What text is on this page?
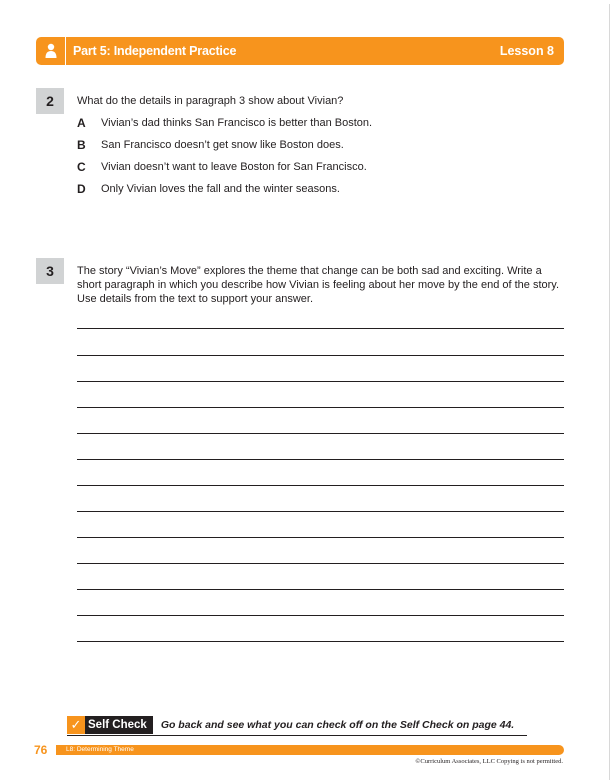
Part 5: Independent Practice	Lesson 8
2	What do the details in paragraph 3 show about Vivian?
A	Vivian’s dad thinks San Francisco is better than Boston.
B	San Francisco doesn’t get snow like Boston does.
C	Vivian doesn’t want to leave Boston for San Francisco.
D	Only Vivian loves the fall and the winter seasons.
3	The story “Vivian’s Move” explores the theme that change can be both sad and exciting. Write a short paragraph in which you describe how Vivian is feeling about her move by the end of the story. Use details from the text to support your answer.
✓ Self Check	Go back and see what you can check off on the Self Check on page 44.
76	L8: Determining Theme
©Curriculum Associates, LLC Copying is not permitted.
